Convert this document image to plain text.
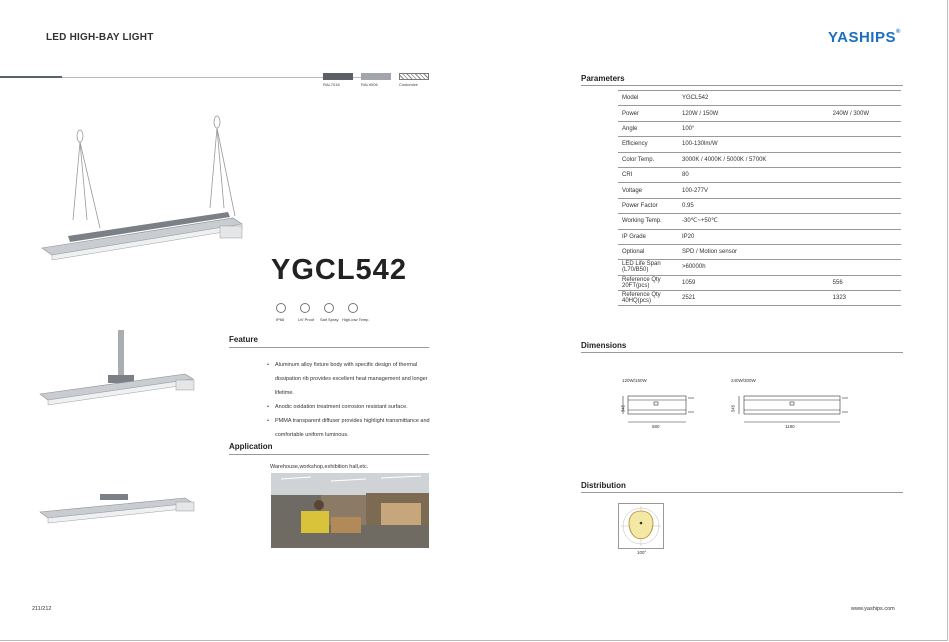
LED HIGH-BAY LIGHT	YASHIPS®
RAL7016	RAL9006	Customize
YGCL542
IP66	UV Proof Salt Spray High-low Temp.
Feature
• Aluminum alloy fixture body with specific design of thermal dissipation rib provides excellent heat management and longer lifetime.
• Anodic oxidation treatment corrosion resistant surface.
• PMMA transparent diffuser provides highlight transmittance and comfortable uniform luminous.
Application
Warehouse,workshop,exhibition hall,etc.
Parameters
Model	YGCL542	
Power	120W / 150W	240W / 300W
Angle	100°	
Efficiency	100-130lm/W	
Color Temp.	3000K / 4000K / 5000K / 5700K	
CRI	80	
Voltage	100-277V	
Power Factor	0.95	
Working Temp.	-30℃~+50℃	
IP Grade	IP20	
Optional	SPD / Motion sensor	
LED Life Span (L70/B50)	>60000h	
Reference Qty 20FT(pcs)	1059	556
Reference Qty 40HQ(pcs)	2521	1323
Dimensions
120W/150W	240W/300W
580
345
1180
345
Distribution
100°
211/212	www.yaships.com
